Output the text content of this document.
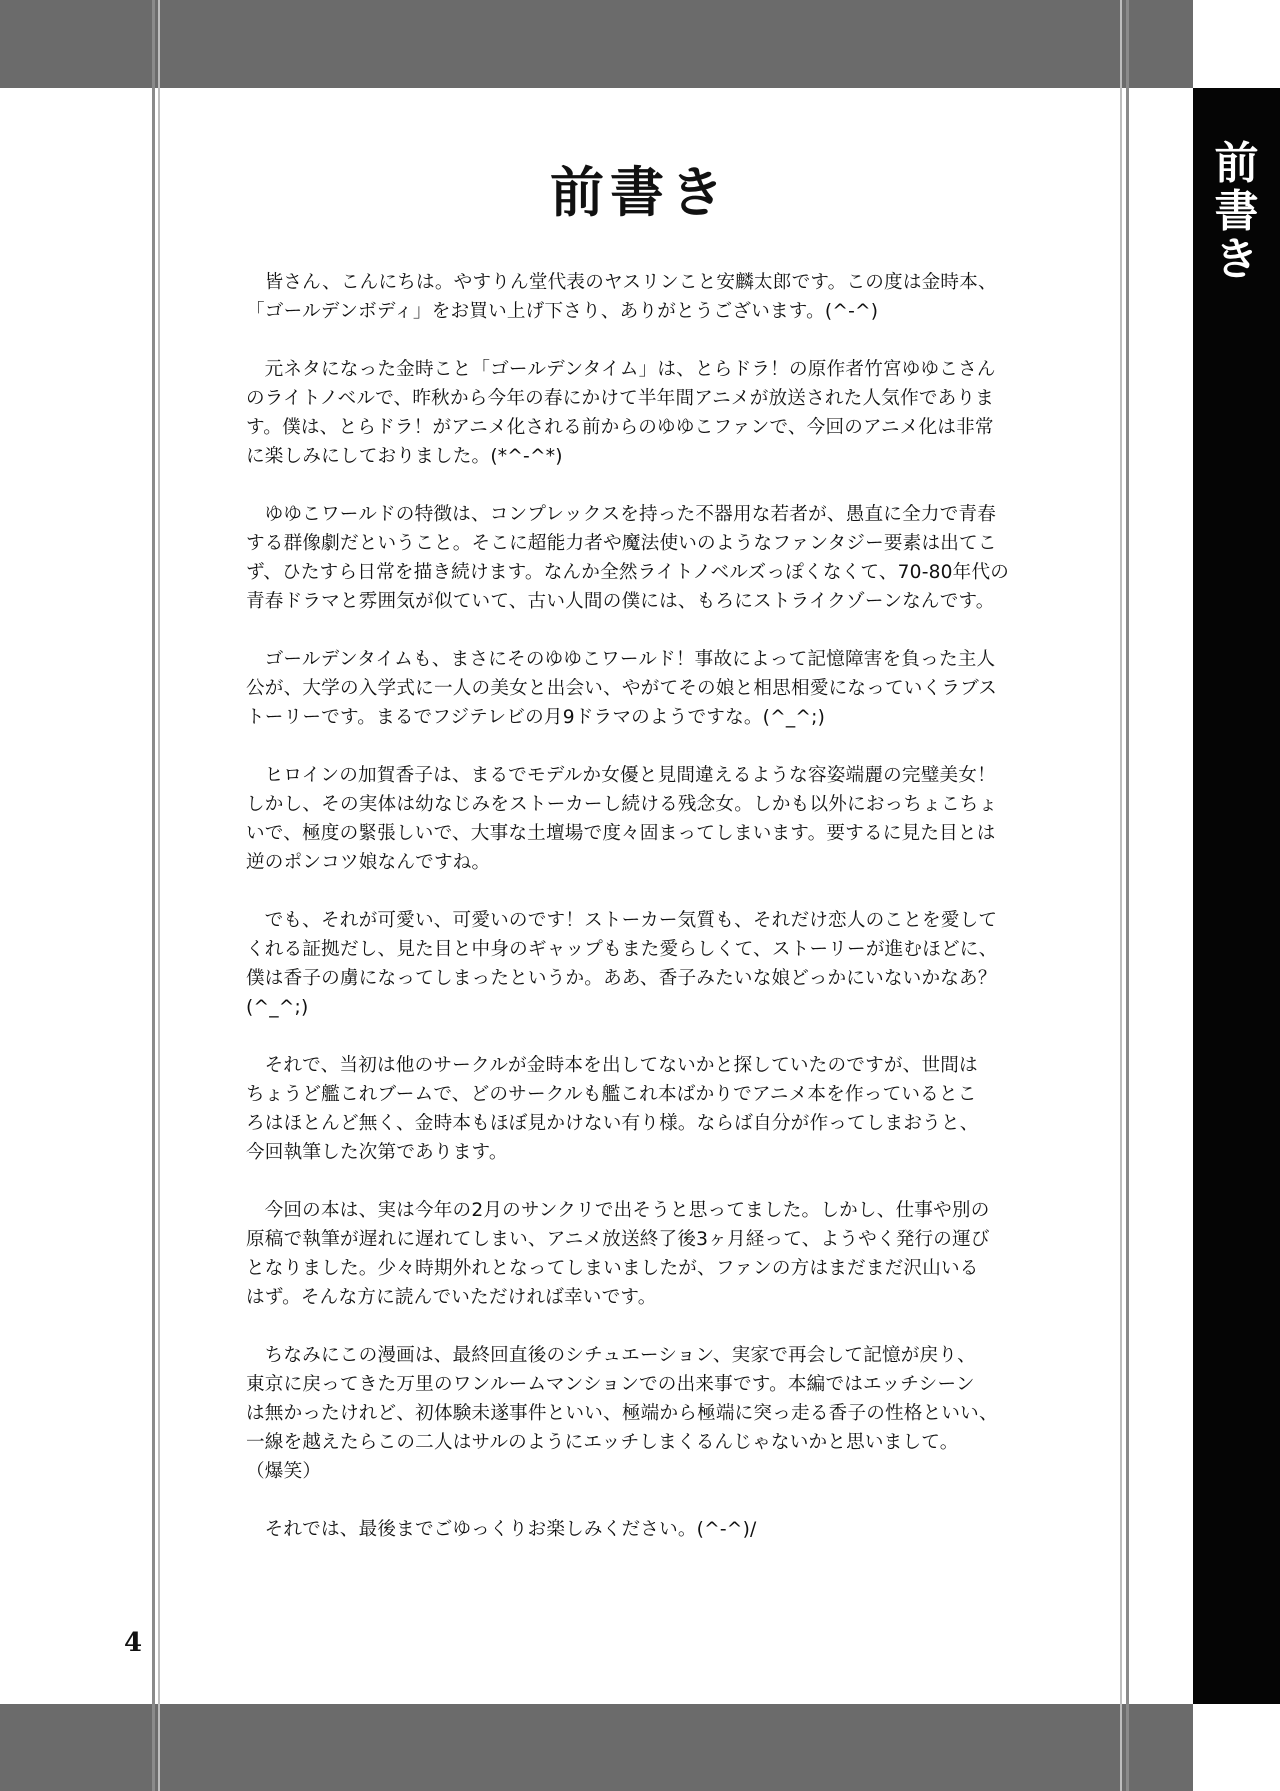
前
書
き
前書き

皆さん、こんにちは。やすりん堂代表のヤスリンこと安麟太郎です。この度は金時本、
「ゴールデンボディ」をお買い上げ下さり、ありがとうございます。(^-^)

元ネタになった金時こと「ゴールデンタイム」は、とらドラ！の原作者竹宮ゆゆこさん
のライトノベルで、昨秋から今年の春にかけて半年間アニメが放送された人気作でありま
す。僕は、とらドラ！がアニメ化される前からのゆゆこファンで、今回のアニメ化は非常
に楽しみにしておりました。(*^-^*)

ゆゆこワールドの特徴は、コンプレックスを持った不器用な若者が、愚直に全力で青春
する群像劇だということ。そこに超能力者や魔法使いのようなファンタジー要素は出てこ
ず、ひたすら日常を描き続けます。なんか全然ライトノベルズっぽくなくて、70-80年代の
青春ドラマと雰囲気が似ていて、古い人間の僕には、もろにストライクゾーンなんです。

ゴールデンタイムも、まさにそのゆゆこワールド！事故によって記憶障害を負った主人
公が、大学の入学式に一人の美女と出会い、やがてその娘と相思相愛になっていくラブス
トーリーです。まるでフジテレビの月9ドラマのようですな。(^_^;)

ヒロインの加賀香子は、まるでモデルか女優と見間違えるような容姿端麗の完璧美女！
しかし、その実体は幼なじみをストーカーし続ける残念女。しかも以外におっちょこちょ
いで、極度の緊張しいで、大事な土壇場で度々固まってしまいます。要するに見た目とは
逆のポンコツ娘なんですね。

でも、それが可愛い、可愛いのです！ストーカー気質も、それだけ恋人のことを愛して
くれる証拠だし、見た目と中身のギャップもまた愛らしくて、ストーリーが進むほどに、
僕は香子の虜になってしまったというか。ああ、香子みたいな娘どっかにいないかなあ？
(^_^;)

それで、当初は他のサークルが金時本を出してないかと探していたのですが、世間は
ちょうど艦これブームで、どのサークルも艦これ本ばかりでアニメ本を作っているとこ
ろはほとんど無く、金時本もほぼ見かけない有り様。ならば自分が作ってしまおうと、
今回執筆した次第であります。

今回の本は、実は今年の2月のサンクリで出そうと思ってました。しかし、仕事や別の
原稿で執筆が遅れに遅れてしまい、アニメ放送終了後3ヶ月経って、ようやく発行の運び
となりました。少々時期外れとなってしまいましたが、ファンの方はまだまだ沢山いる
はず。そんな方に読んでいただければ幸いです。

ちなみにこの漫画は、最終回直後のシチュエーション、実家で再会して記憶が戻り、
東京に戻ってきた万里のワンルームマンションでの出来事です。本編ではエッチシーン
は無かったけれど、初体験未遂事件といい、極端から極端に突っ走る香子の性格といい、
一線を越えたらこの二人はサルのようにエッチしまくるんじゃないかと思いまして。
（爆笑）

それでは、最後までごゆっくりお楽しみください。(^-^)/

4
